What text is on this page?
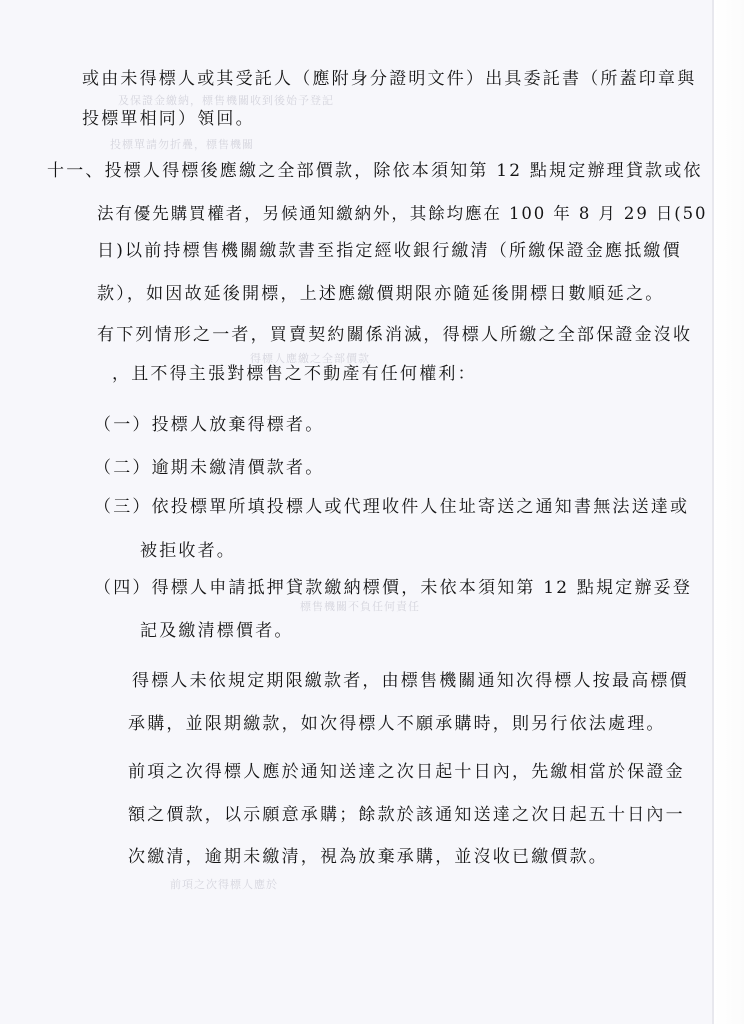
及保證金繳納，標售機關收到後始予登記
投標單請勿折疊，標售機關
得標人應繳之全部價款
標售機關不負任何責任
前項之次得標人應於
或由未得標人或其受託人（應附身分證明文件）出具委託書（所蓋印章與
投標單相同）領回。
十一、投標人得標後應繳之全部價款，除依本須知第 12 點規定辦理貸款或依
法有優先購買權者，另候通知繳納外，其餘均應在 100 年 8 月 29 日(50
日)以前持標售機關繳款書至指定經收銀行繳清（所繳保證金應抵繳價
款），如因故延後開標，上述應繳價期限亦隨延後開標日數順延之。
有下列情形之一者，買賣契約關係消滅，得標人所繳之全部保證金沒收
，且不得主張對標售之不動產有任何權利：
（一）投標人放棄得標者。
（二）逾期未繳清價款者。
（三）依投標單所填投標人或代理收件人住址寄送之通知書無法送達或
被拒收者。
（四）得標人申請抵押貸款繳納標價，未依本須知第 12 點規定辦妥登
記及繳清標價者。
得標人未依規定期限繳款者，由標售機關通知次得標人按最高標價
承購，並限期繳款，如次得標人不願承購時，則另行依法處理。
前項之次得標人應於通知送達之次日起十日內，先繳相當於保證金
額之價款，以示願意承購；餘款於該通知送達之次日起五十日內一
次繳清，逾期未繳清，視為放棄承購，並沒收已繳價款。
